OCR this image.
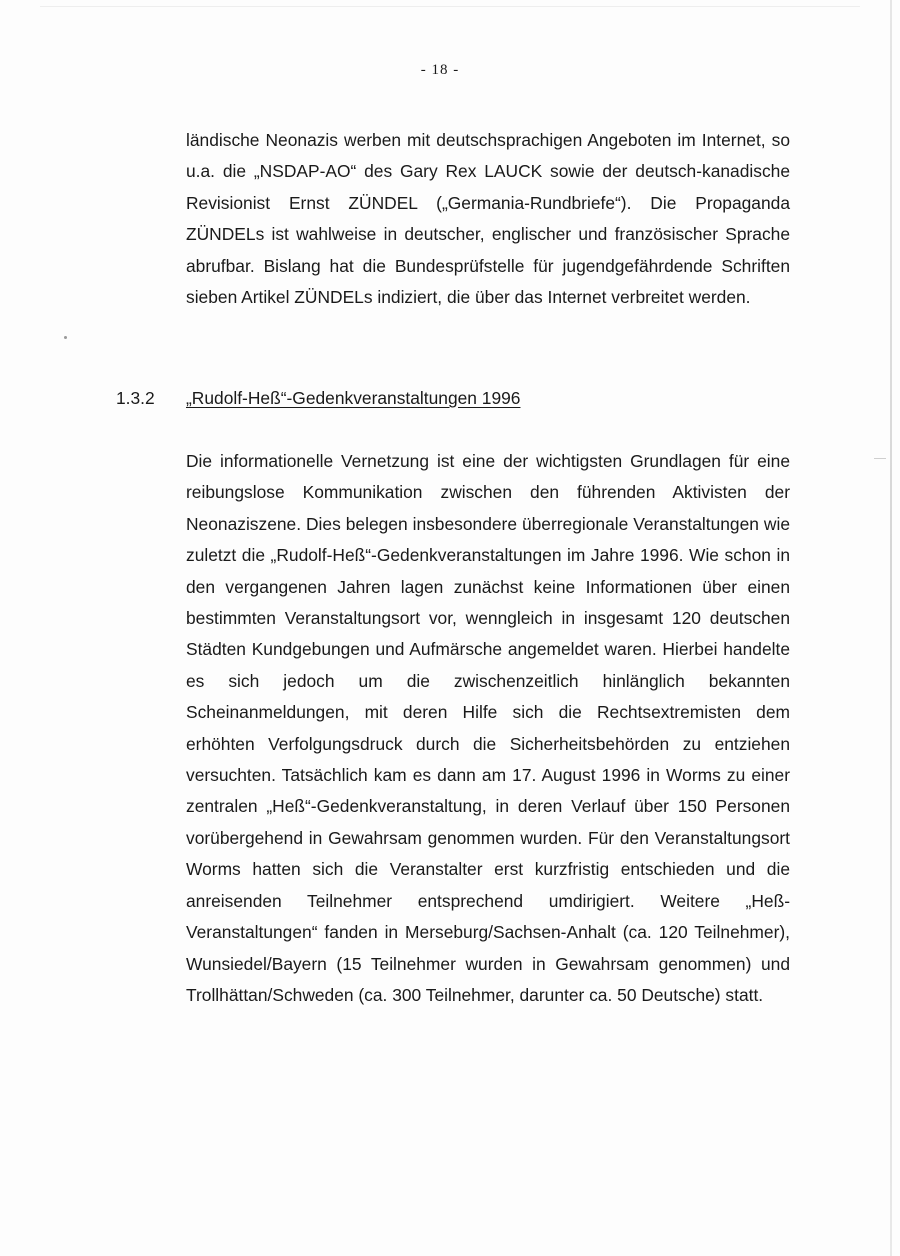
- 18 -

ländische Neonazis werben mit deutschsprachigen Angeboten im Internet, so u.a. die „NSDAP-AO“ des Gary Rex LAUCK sowie der deutsch-kanadische Revisionist Ernst ZÜNDEL („Germania-Rundbriefe“). Die Propaganda ZÜNDELs ist wahlweise in deutscher, englischer und französischer Sprache abrufbar. Bislang hat die Bundesprüfstelle für jugendgefährdende Schriften sieben Artikel ZÜNDELs indiziert, die über das Internet verbreitet werden.

1.3.2 „Rudolf-Heß“-Gedenkveranstaltungen 1996

Die informationelle Vernetzung ist eine der wichtigsten Grundlagen für eine reibungslose Kommunikation zwischen den führenden Aktivisten der Neonaziszene. Dies belegen insbesondere überregionale Veranstaltungen wie zuletzt die „Rudolf-Heß“-Gedenkveranstaltungen im Jahre 1996. Wie schon in den vergangenen Jahren lagen zunächst keine Informationen über einen bestimmten Veranstaltungsort vor, wenngleich in insgesamt 120 deutschen Städten Kundgebungen und Aufmärsche angemeldet waren. Hierbei handelte es sich jedoch um die zwischenzeitlich hinlänglich bekannten Scheinanmeldungen, mit deren Hilfe sich die Rechtsextremisten dem erhöhten Verfolgungsdruck durch die Sicherheitsbehörden zu entziehen versuchten. Tatsächlich kam es dann am 17. August 1996 in Worms zu einer zentralen „Heß“-Gedenkveranstaltung, in deren Verlauf über 150 Personen vorübergehend in Gewahrsam genommen wurden. Für den Veranstaltungsort Worms hatten sich die Veranstalter erst kurzfristig entschieden und die anreisenden Teilnehmer entsprechend umdirigiert. Weitere „Heß-Veranstaltungen“ fanden in Merseburg/Sachsen-Anhalt (ca. 120 Teilnehmer), Wunsiedel/Bayern (15 Teilnehmer wurden in Gewahrsam genommen) und Trollhättan/Schweden (ca. 300 Teilnehmer, darunter ca. 50 Deutsche) statt.
